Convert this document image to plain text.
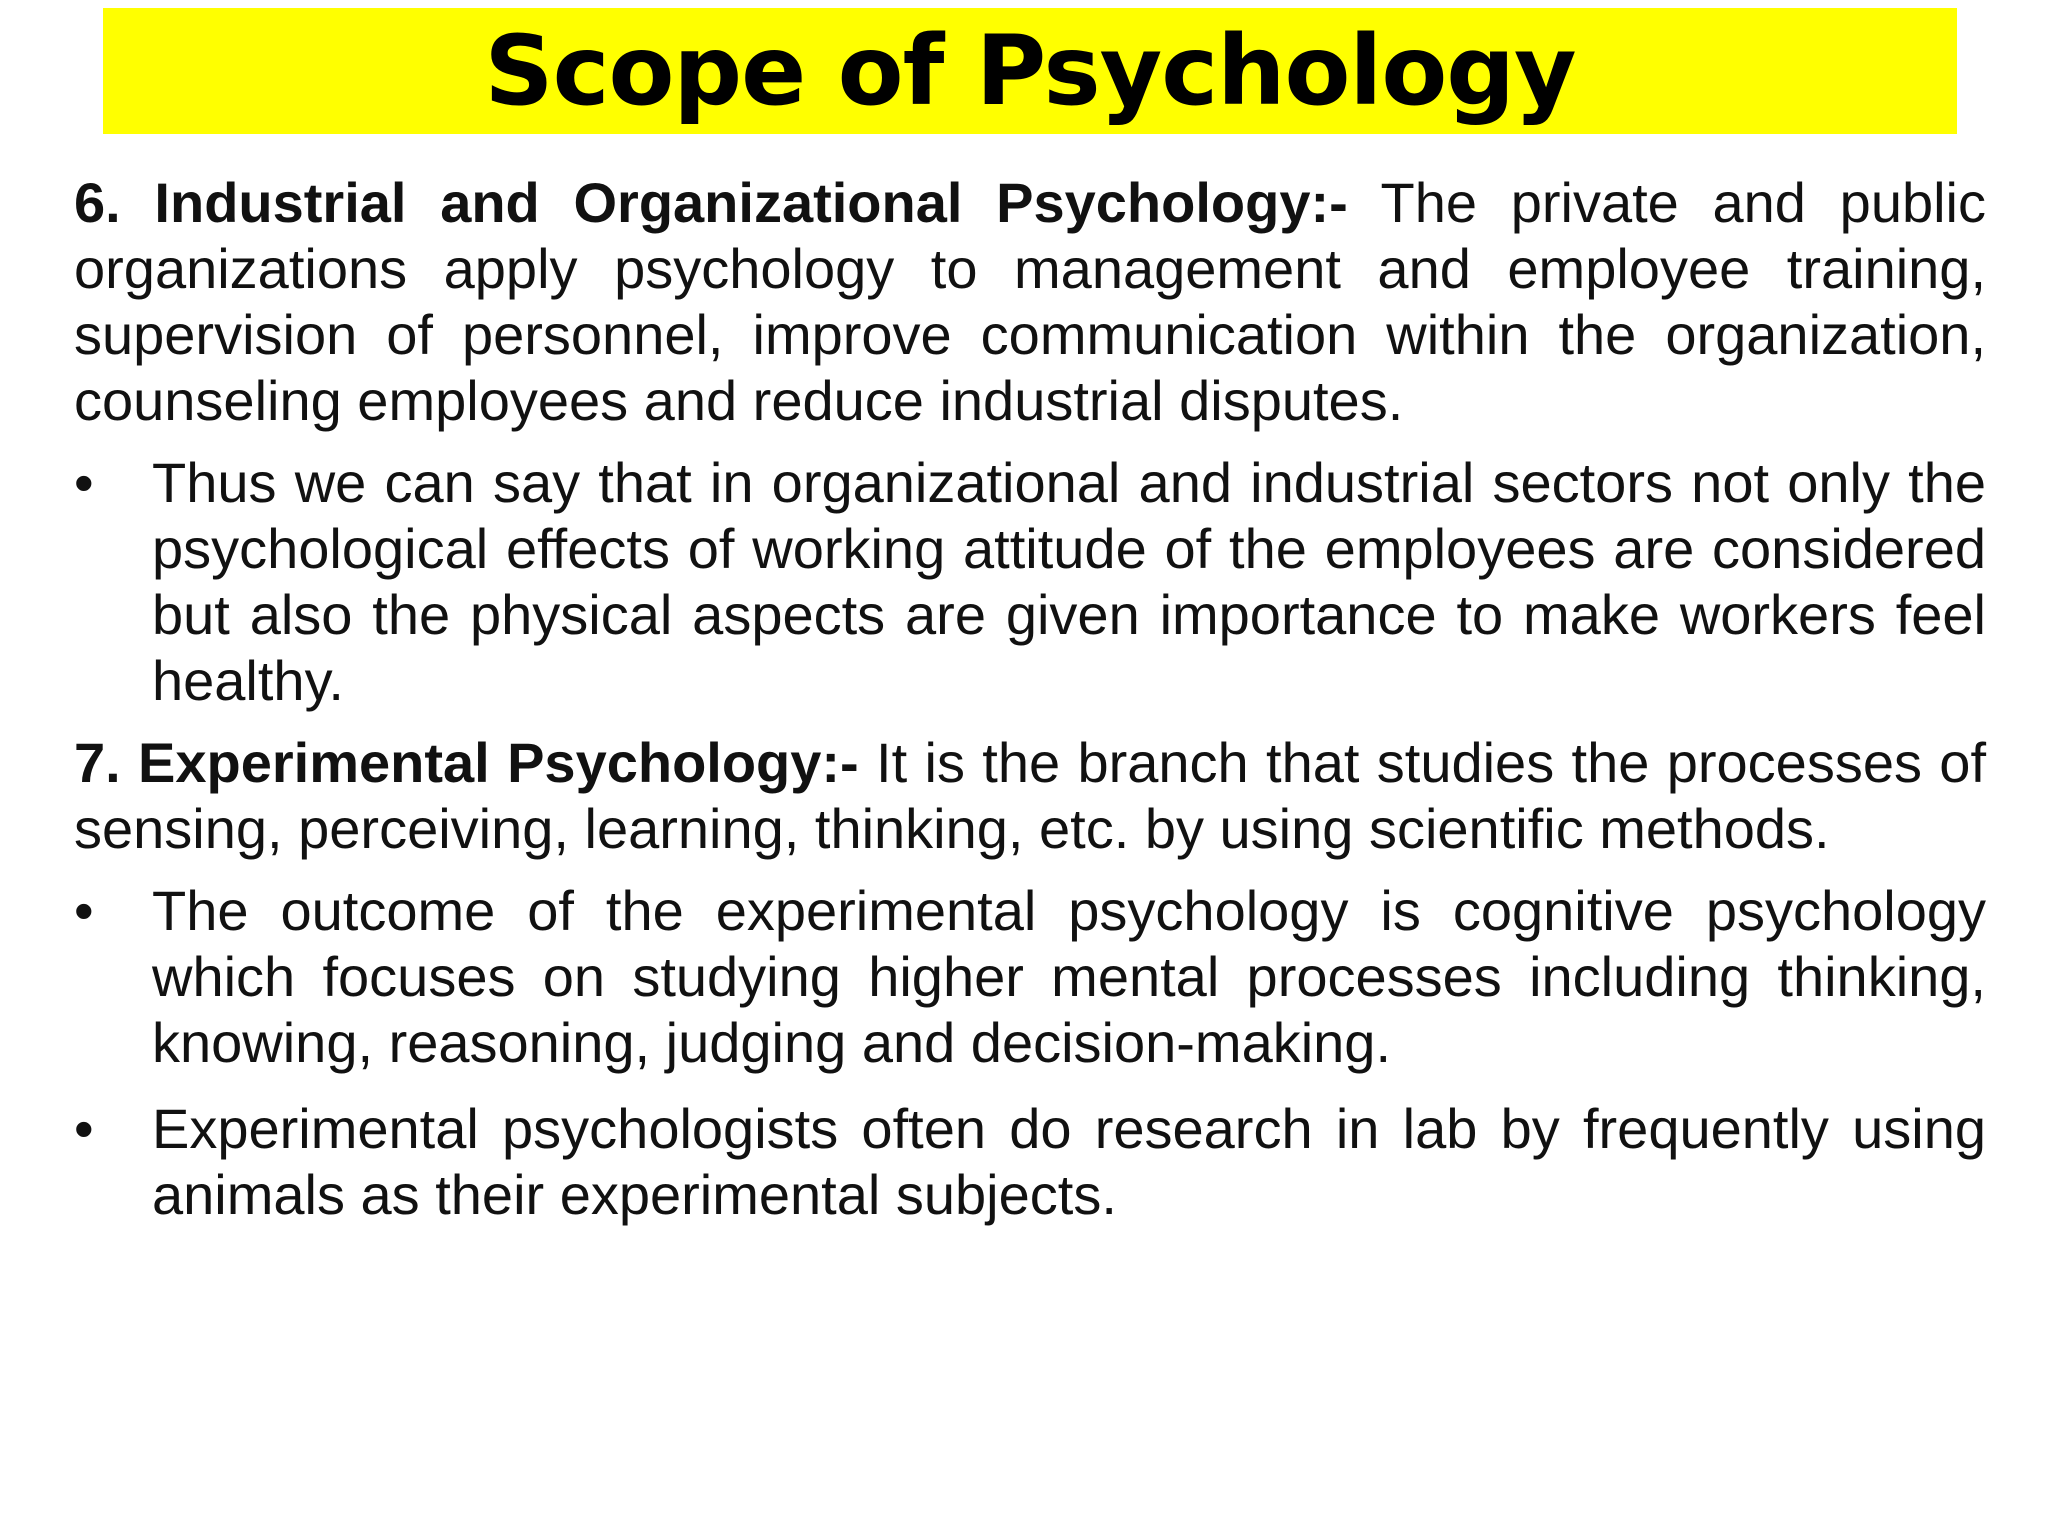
Scope of Psychology

6. Industrial and Organizational Psychology:- The private and public organizations apply psychology to management and employee training, supervision of personnel, improve communication within the organization, counseling employees and reduce industrial disputes.

•	Thus we can say that in organizational and industrial sectors not only the psychological effects of working attitude of the employees are considered but also the physical aspects are given importance to make workers feel healthy.

7. Experimental Psychology:- It is the branch that studies the processes of sensing, perceiving, learning, thinking, etc. by using scientific methods.

•	The outcome of the experimental psychology is cognitive psychology which focuses on studying higher mental processes including thinking, knowing, reasoning, judging and decision-making.
•	Experimental psychologists often do research in lab by frequently using animals as their experimental subjects.
